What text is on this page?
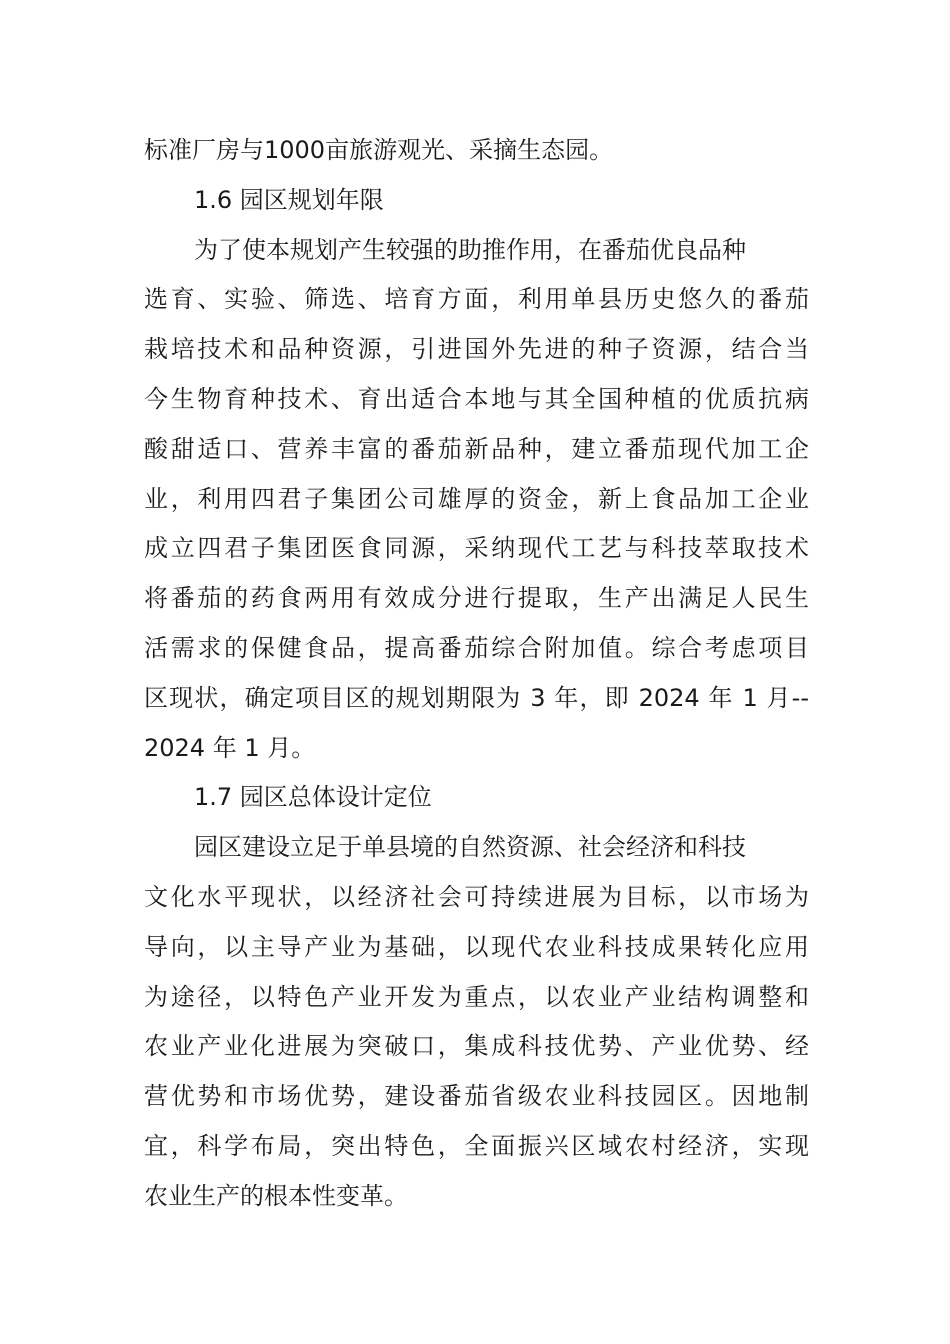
标准厂房与1000亩旅游观光、采摘生态园。
1.6 园区规划年限
为了使本规划产生较强的助推作用，在番茄优良品种
选育、实验、筛选、培育方面，利用单县历史悠久的番茄
栽培技术和品种资源，引进国外先进的种子资源，结合当
今生物育种技术、育出适合本地与其全国种植的优质抗病
酸甜适口、营养丰富的番茄新品种，建立番茄现代加工企
业，利用四君子集团公司雄厚的资金，新上食品加工企业
成立四君子集团医食同源，采纳现代工艺与科技萃取技术
将番茄的药食两用有效成分进行提取，生产出满足人民生
活需求的保健食品，提高番茄综合附加值。综合考虑项目
区现状，确定项目区的规划期限为 3 年，即 2024 年 1 月--
2024 年 1 月。
1.7 园区总体设计定位
园区建设立足于单县境的自然资源、社会经济和科技
文化水平现状，以经济社会可持续进展为目标，以市场为
导向，以主导产业为基础，以现代农业科技成果转化应用
为途径，以特色产业开发为重点，以农业产业结构调整和
农业产业化进展为突破口，集成科技优势、产业优势、经
营优势和市场优势，建设番茄省级农业科技园区。因地制
宜，科学布局，突出特色，全面振兴区域农村经济，实现
农业生产的根本性变革。
